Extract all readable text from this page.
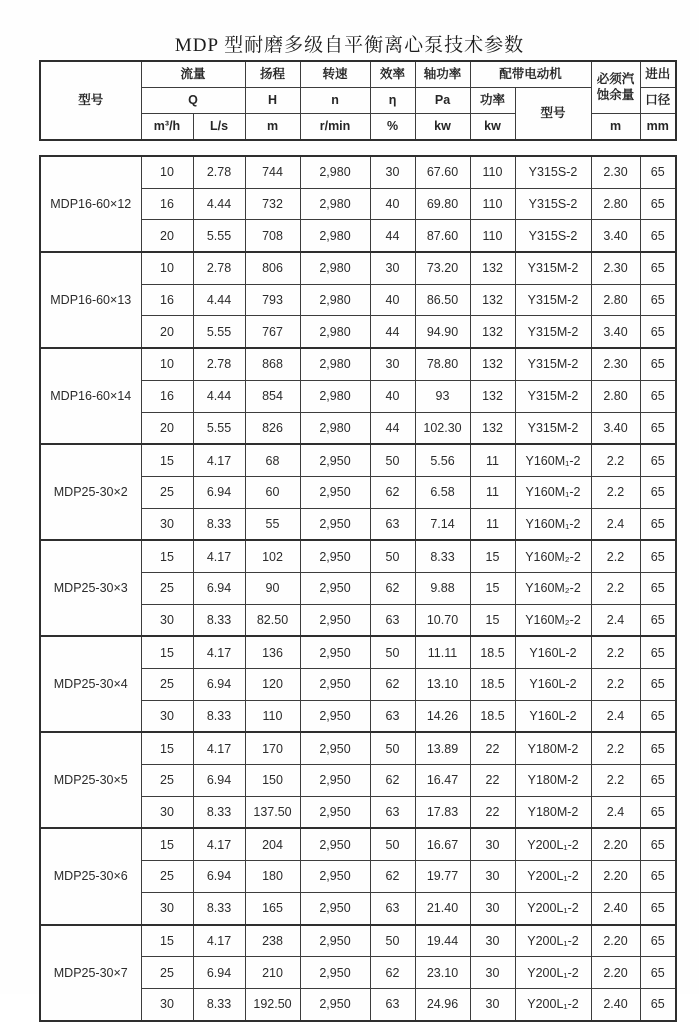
MDP 型耐磨多级自平衡离心泵技术参数
型号	流量		扬程	转速	效率	轴功率	配带电动机		必须汽蚀余量	进出
	Q		H	n	η	Pa	功率	型号		口径
	m³/h	L/s	m	r/min	%	kw	kw		m	mm
MDP16-60×12	10	2.78	744	2,980	30	67.60	110	Y315S-2	2.30	65
	16	4.44	732	2,980	40	69.80	110	Y315S-2	2.80	65
	20	5.55	708	2,980	44	87.60	110	Y315S-2	3.40	65
MDP16-60×13	10	2.78	806	2,980	30	73.20	132	Y315M-2	2.30	65
	16	4.44	793	2,980	40	86.50	132	Y315M-2	2.80	65
	20	5.55	767	2,980	44	94.90	132	Y315M-2	3.40	65
MDP16-60×14	10	2.78	868	2,980	30	78.80	132	Y315M-2	2.30	65
	16	4.44	854	2,980	40	93	132	Y315M-2	2.80	65
	20	5.55	826	2,980	44	102.30	132	Y315M-2	3.40	65
MDP25-30×2	15	4.17	68	2,950	50	5.56	11	Y160M₁-2	2.2	65
	25	6.94	60	2,950	62	6.58	11	Y160M₁-2	2.2	65
	30	8.33	55	2,950	63	7.14	11	Y160M₁-2	2.4	65
MDP25-30×3	15	4.17	102	2,950	50	8.33	15	Y160M₂-2	2.2	65
	25	6.94	90	2,950	62	9.88	15	Y160M₂-2	2.2	65
	30	8.33	82.50	2,950	63	10.70	15	Y160M₂-2	2.4	65
MDP25-30×4	15	4.17	136	2,950	50	11.11	18.5	Y160L-2	2.2	65
	25	6.94	120	2,950	62	13.10	18.5	Y160L-2	2.2	65
	30	8.33	110	2,950	63	14.26	18.5	Y160L-2	2.4	65
MDP25-30×5	15	4.17	170	2,950	50	13.89	22	Y180M-2	2.2	65
	25	6.94	150	2,950	62	16.47	22	Y180M-2	2.2	65
	30	8.33	137.50	2,950	63	17.83	22	Y180M-2	2.4	65
MDP25-30×6	15	4.17	204	2,950	50	16.67	30	Y200L₁-2	2.20	65
	25	6.94	180	2,950	62	19.77	30	Y200L₁-2	2.20	65
	30	8.33	165	2,950	63	21.40	30	Y200L₁-2	2.40	65
MDP25-30×7	15	4.17	238	2,950	50	19.44	30	Y200L₁-2	2.20	65
	25	6.94	210	2,950	62	23.10	30	Y200L₁-2	2.20	65
	30	8.33	192.50	2,950	63	24.96	30	Y200L₁-2	2.40	65
